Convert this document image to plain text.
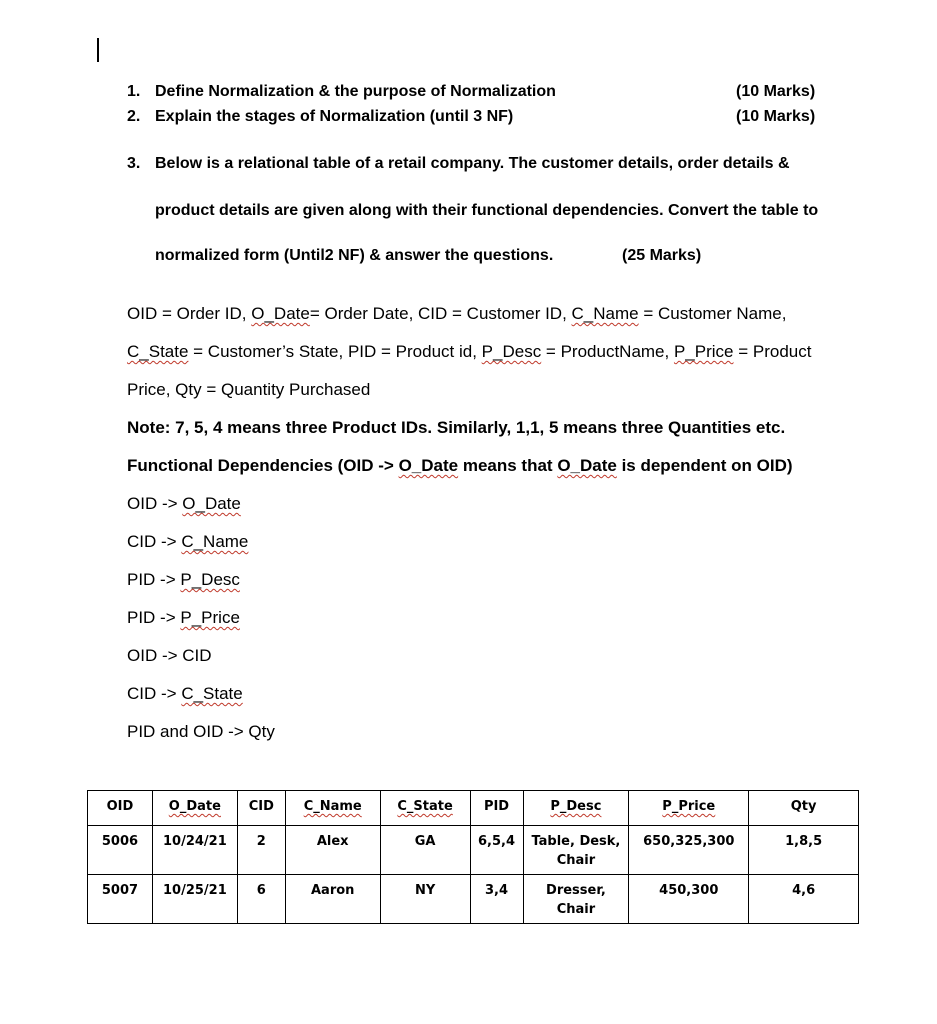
1. Define Normalization & the purpose of Normalization	(10 Marks)
2. Explain the stages of Normalization (until 3 NF)	(10 Marks)
3. Below is a relational table of a retail company. The customer details, order details &
product details are given along with their functional dependencies. Convert the table to
normalized form (Until2 NF) & answer the questions.	(25 Marks)
OID = Order ID, O_Date= Order Date, CID = Customer ID, C_Name = Customer Name,
C_State = Customer’s State, PID = Product id, P_Desc = ProductName, P_Price = Product
Price, Qty = Quantity Purchased
Note: 7, 5, 4 means three Product IDs. Similarly, 1,1, 5 means three Quantities etc.
Functional Dependencies (OID -> O_Date means that O_Date is dependent on OID)
OID -> O_Date
CID -> C_Name
PID -> P_Desc
PID -> P_Price
OID -> CID
CID -> C_State
PID and OID -> Qty
OID	O_Date	CID	C_Name	C_State	PID	P_Desc	P_Price	Qty
5006	10/24/21	2	Alex	GA	6,5,4	Table, Desk,
Chair	650,325,300	1,8,5
5007	10/25/21	6	Aaron	NY	3,4	Dresser,
Chair	450,300	4,6
